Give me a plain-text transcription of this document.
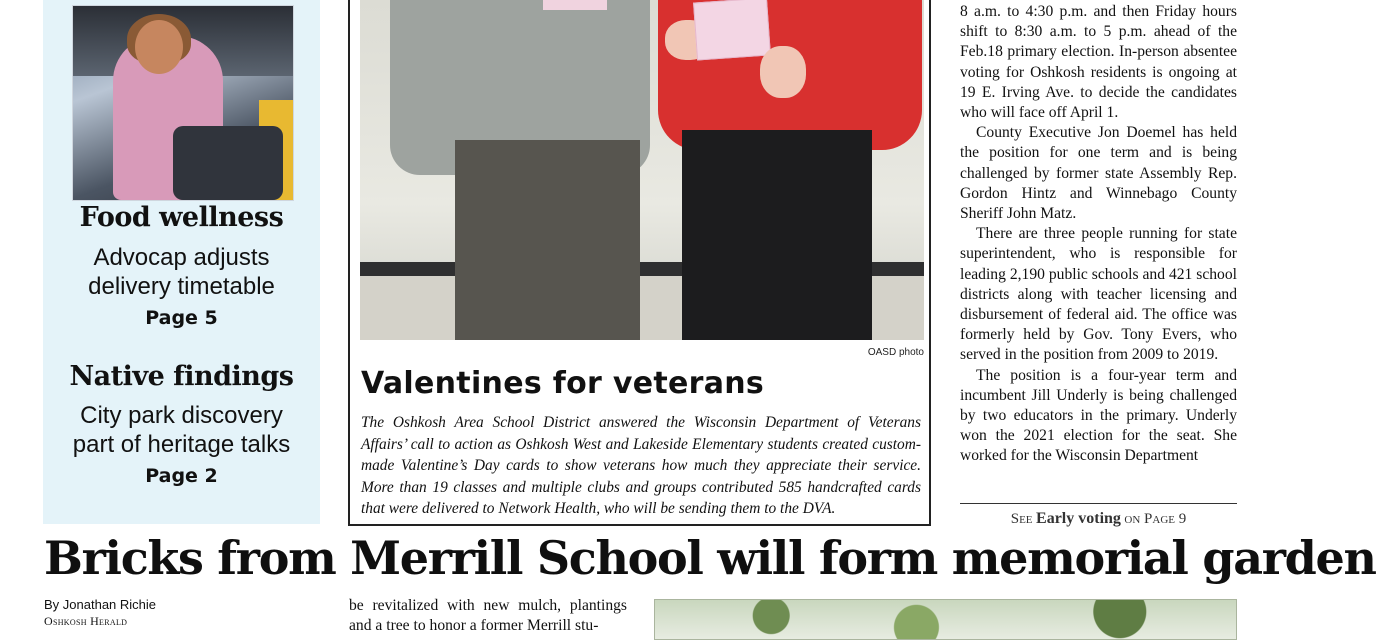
Food wellness
Advocap adjusts
delivery timetable
Page 5
Native findings
City park discovery
part of heritage talks
Page 2
OASD photo
Valentines for veterans

The Oshkosh Area School District answered the Wisconsin Department of Veterans Affairs’ call to action as Oshkosh West and Lakeside Elementary students created custom-made Valentine’s Day cards to show veterans how much they appreciate their service. More than 19 classes and multiple clubs and groups contributed 585 handcrafted cards that were delivered to Network Health, who will be sending them to the DVA.

8 a.m. to 4:30 p.m. and then Friday hours shift to 8:30 a.m. to 5 p.m. ahead of the Feb.18 primary election. In-person absentee voting for Oshkosh residents is ongoing at 19 E. Irving Ave. to decide the candidates who will face off April 1.

County Executive Jon Doemel has held the position for one term and is being challenged by former state Assembly Rep. Gordon Hintz and Winnebago County Sheriff John Matz.

There are three people running for state superintendent, who is responsible for leading 2,190 public schools and 421 school districts along with teacher licensing and disbursement of federal aid. The office was formerly held by Gov. Tony Evers, who served in the position from 2009 to 2019.

The position is a four-year term and incumbent Jill Underly is being challenged by two educators in the primary. Underly won the 2021 election for the seat. She worked for the Wisconsin Department

See Early voting on Page 9
Bricks from Merrill School will form memorial garden
By Jonathan Richie
Oshkosh Herald

be revitalized with new mulch, plantings and a tree to honor a former Merrill stu-
